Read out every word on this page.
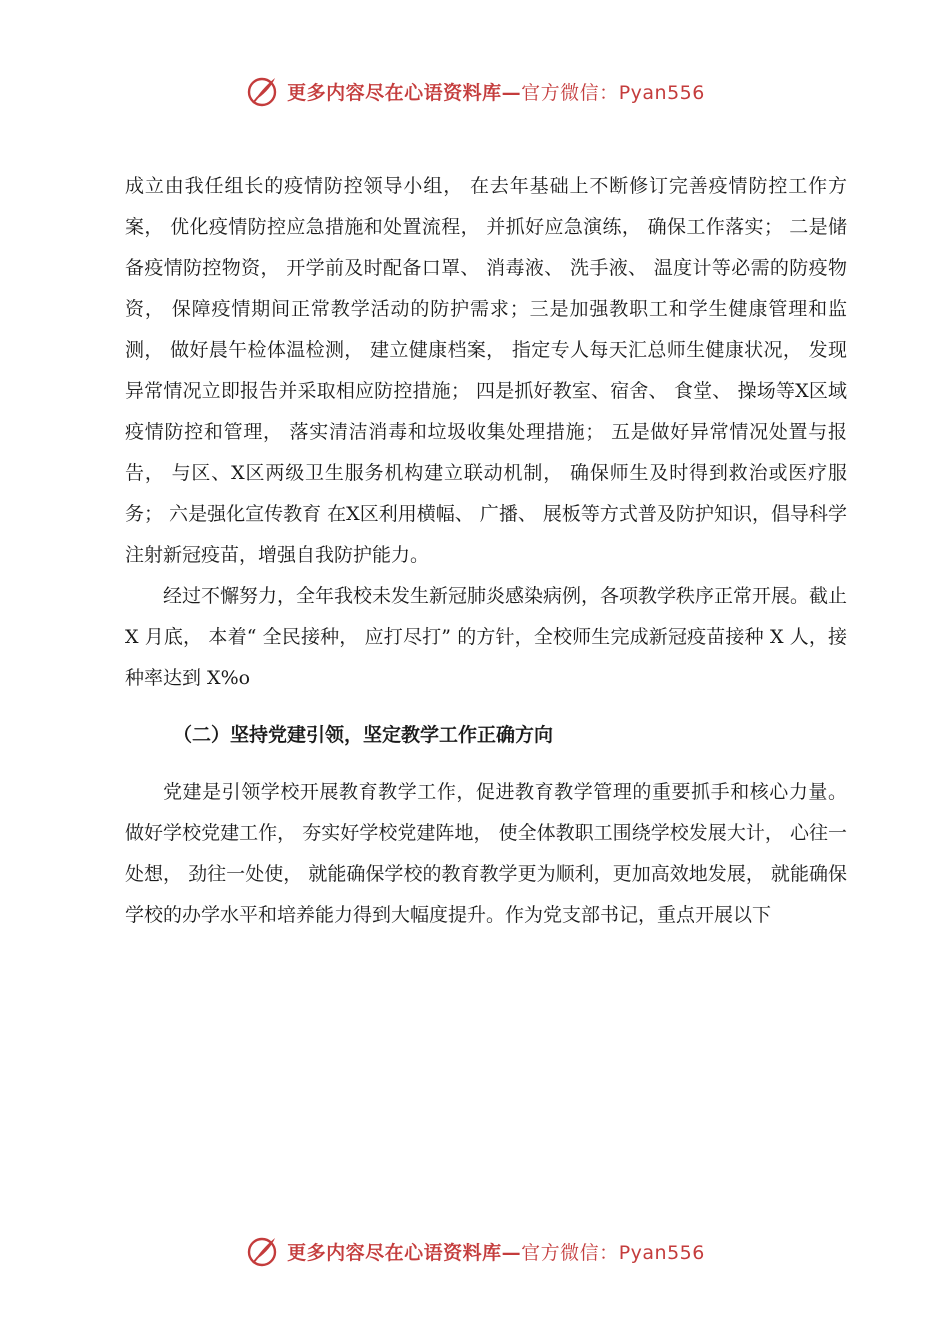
更多内容尽在心语资料库—官方微信：Pyan556

成立由我任组长的疫情防控领导小组， 在去年基础上不断修订完善疫情防控工作方案， 优化疫情防控应急措施和处置流程， 并抓好应急演练， 确保工作落实； 二是储备疫情防控物资， 开学前及时配备口罩、 消毒液、 洗手液、 温度计等必需的防疫物资， 保障疫情期间正常教学活动的防护需求；三是加强教职工和学生健康管理和监测， 做好晨午检体温检测， 建立健康档案， 指定专人每天汇总师生健康状况， 发现异常情况立即报告并采取相应防控措施； 四是抓好教室、宿舍、 食堂、 操场等X区域疫情防控和管理， 落实清洁消毒和垃圾收集处理措施； 五是做好异常情况处置与报告， 与区、X区两级卫生服务机构建立联动机制， 确保师生及时得到救治或医疗服务； 六是强化宣传教育 在X区利用横幅、 广播、 展板等方式普及防护知识，倡导科学注射新冠疫苗，增强自我防护能力。

经过不懈努力，全年我校未发生新冠肺炎感染病例，各项教学秩序正常开展。截止 X 月底， 本着“ 全民接种， 应打尽打” 的方针，全校师生完成新冠疫苗接种 X 人，接种率达到 X%o

（二）坚持党建引领，坚定教学工作正确方向

党建是引领学校开展教育教学工作，促进教育教学管理的重要抓手和核心力量。 做好学校党建工作， 夯实好学校党建阵地， 使全体教职工围绕学校发展大计， 心往一处想， 劲往一处使， 就能确保学校的教育教学更为顺利，更加高效地发展， 就能确保学校的办学水平和培养能力得到大幅度提升。作为党支部书记，重点开展以下

更多内容尽在心语资料库—官方微信：Pyan556
